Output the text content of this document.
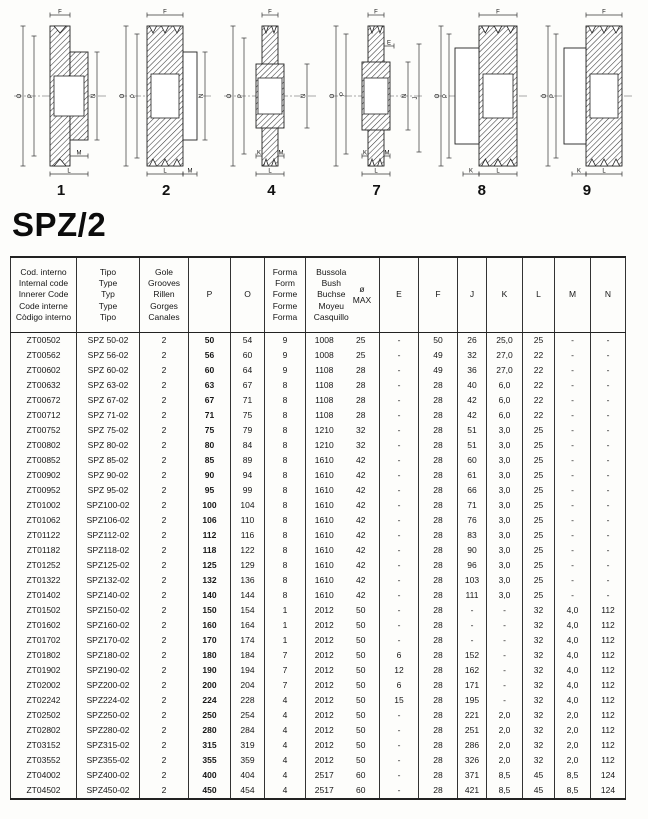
F
O P	N
M
L
1
F
O P	N
L	M
2
F
O P	N
K	M
L
4
F
E
O P	N J
K	M
L
7
F
O P
K	L
8
F
O P
K	L
9
SPZ/2
Cod. interno
Internal code
Innerer Code
Code interne
Còdigo interno

Tipo
Type
Typ
Type
Tipo

Gole
Grooves
Rillen
Gorges
Canales
	P	O	
Forma
Form
Forme
Forme
Forma

Bussola
Bush
Buchse
Moyeu
Casquillo
ø
MAX
	E	F	J	K	L	M	N
ZT00502	SPZ 50-02	2	50	54	9	1008 25	-	50	26	25,0	25	-	-
ZT00562	SPZ 56-02	2	56	60	9	1008 25	-	49	32	27,0	22	-	-
ZT00602	SPZ 60-02	2	60	64	9	1108 28	-	49	36	27,0	22	-	-
ZT00632	SPZ 63-02	2	63	67	8	1108 28	-	28	40	6,0	22	-	-
ZT00672	SPZ 67-02	2	67	71	8	1108 28	-	28	42	6,0	22	-	-
ZT00712	SPZ 71-02	2	71	75	8	1108 28	-	28	42	6,0	22	-	-
ZT00752	SPZ 75-02	2	75	79	8	1210 32	-	28	51	3,0	25	-	-
ZT00802	SPZ 80-02	2	80	84	8	1210 32	-	28	51	3,0	25	-	-
ZT00852	SPZ 85-02	2	85	89	8	1610 42	-	28	60	3,0	25	-	-
ZT00902	SPZ 90-02	2	90	94	8	1610 42	-	28	61	3,0	25	-	-
ZT00952	SPZ 95-02	2	95	99	8	1610 42	-	28	66	3,0	25	-	-
ZT01002	SPZ100-02	2	100	104	8	1610 42	-	28	71	3,0	25	-	-
ZT01062	SPZ106-02	2	106	110	8	1610 42	-	28	76	3,0	25	-	-
ZT01122	SPZ112-02	2	112	116	8	1610 42	-	28	83	3,0	25	-	-
ZT01182	SPZ118-02	2	118	122	8	1610 42	-	28	90	3,0	25	-	-
ZT01252	SPZ125-02	2	125	129	8	1610 42	-	28	96	3,0	25	-	-
ZT01322	SPZ132-02	2	132	136	8	1610 42	-	28	103	3,0	25	-	-
ZT01402	SPZ140-02	2	140	144	8	1610 42	-	28	111	3,0	25	-	-
ZT01502	SPZ150-02	2	150	154	1	2012 50	-	28	-	-	32	4,0	112
ZT01602	SPZ160-02	2	160	164	1	2012 50	-	28	-	-	32	4,0	112
ZT01702	SPZ170-02	2	170	174	1	2012 50	-	28	-	-	32	4,0	112
ZT01802	SPZ180-02	2	180	184	7	2012 50	6	28	152	-	32	4,0	112
ZT01902	SPZ190-02	2	190	194	7	2012 50	12	28	162	-	32	4,0	112
ZT02002	SPZ200-02	2	200	204	7	2012 50	6	28	171	-	32	4,0	112
ZT02242	SPZ224-02	2	224	228	4	2012 50	15	28	195	-	32	4,0	112
ZT02502	SPZ250-02	2	250	254	4	2012 50	-	28	221	2,0	32	2,0	112
ZT02802	SPZ280-02	2	280	284	4	2012 50	-	28	251	2,0	32	2,0	112
ZT03152	SPZ315-02	2	315	319	4	2012 50	-	28	286	2,0	32	2,0	112
ZT03552	SPZ355-02	2	355	359	4	2012 50	-	28	326	2,0	32	2,0	112
ZT04002	SPZ400-02	2	400	404	4	2517 60	-	28	371	8,5	45	8,5	124
ZT04502	SPZ450-02	2	450	454	4	2517 60	-	28	421	8,5	45	8,5	124
